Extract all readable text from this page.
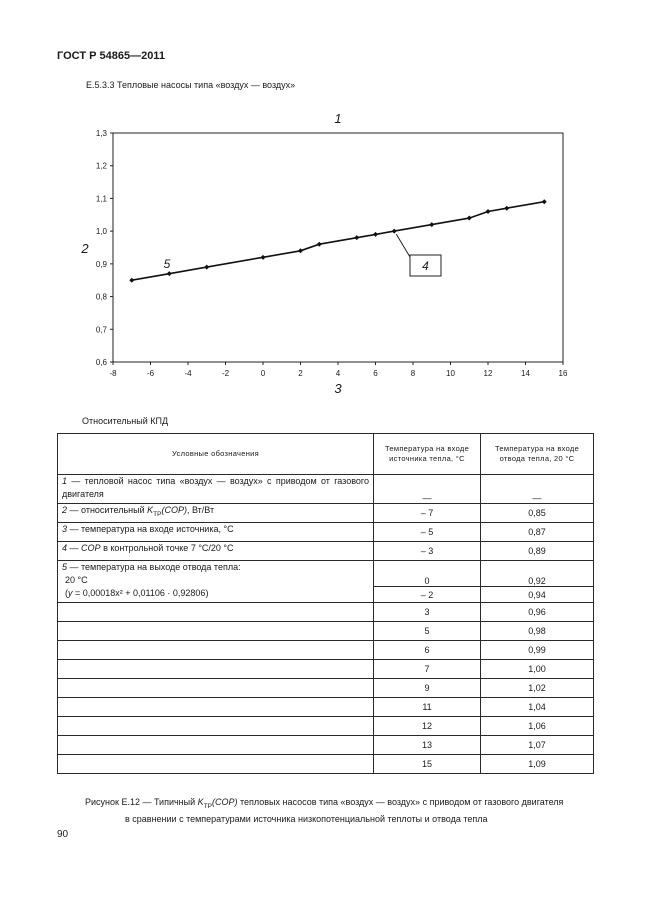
ГОСТ Р 54865—2011
Е.5.3.3 Тепловые насосы типа «воздух — воздух»
-8	-6	-4	-2	0	2	4	6	8	10	12	14	16
0,6
0,7
0,8
0,9
1,0
1,1
1,2
1,3
1
2
3
5	4
Относительный КПД
Условные обозначения	Температура на входе источника тепла, °С	Температура на входе отвода тепла, 20 °С
1 — тепловой насос типа «воздух — воздух» с приводом от газового двигателя	—	—
2 — относительный $K_{ТР}(COP)$, Вт/Вт	– 7	0,85
3 — температура на входе источника, °С	– 5	0,87
4 — COP в контрольной точке 7 °С/20 °С	– 3	0,89
5 — температура на выходе отвода тепла:
20 °С
(y = 0,00018x² + 0,01106 · 0,92806)	0	0,92
	– 2	0,94
	3	0,96
	5	0,98
	6	0,99
	7	1,00
	9	1,02
	11	1,04
	12	1,06
	13	1,07
	15	1,09
Рисунок Е.12 — Типичный $K_{ТР}(COP)$ тепловых насосов типа «воздух — воздух» с приводом от газового двигателя
в сравнении с температурами источника низкопотенциальной теплоты и отвода тепла
90
